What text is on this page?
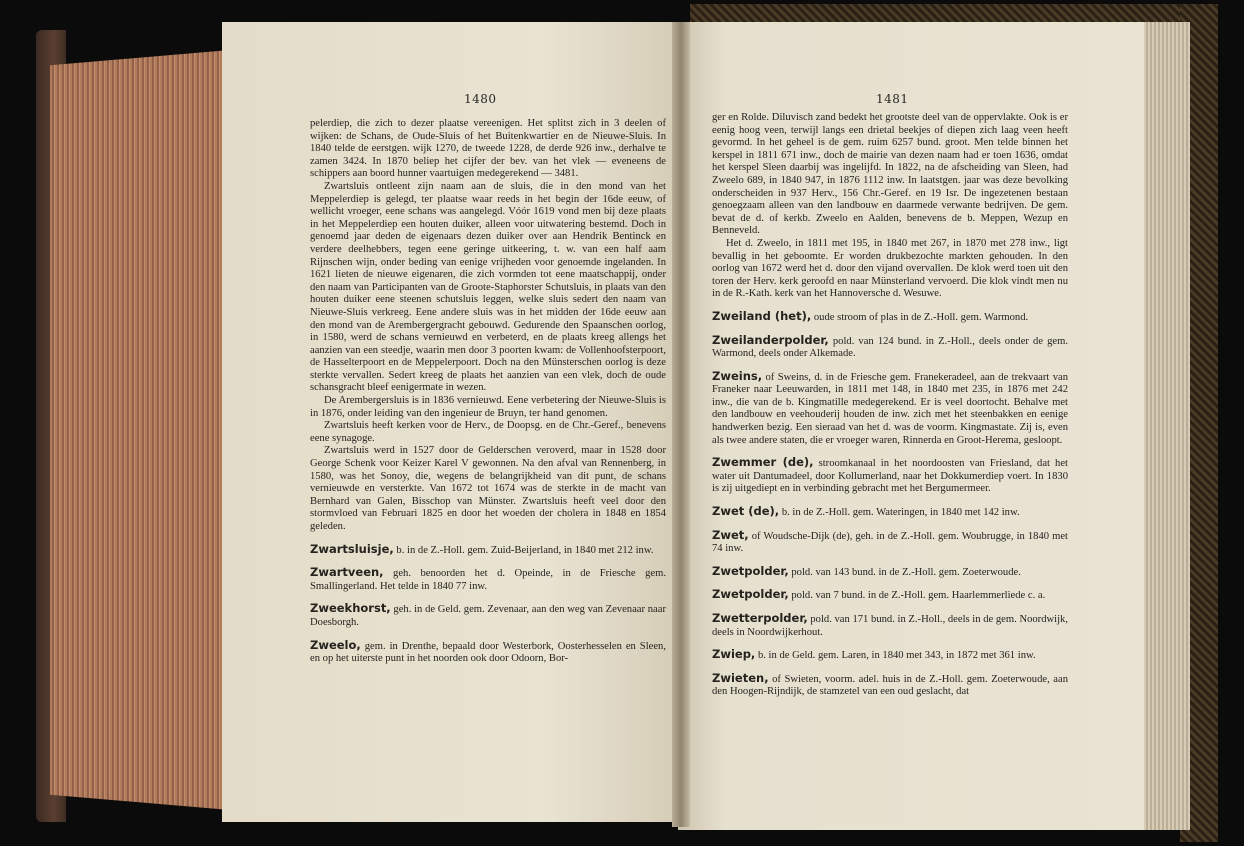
1480	1481

pelerdiep, die zich to dezer plaatse vereenigen. Het splitst zich in 3 deelen of wijken: de Schans, de Oude-Sluis of het Buitenkwartier en de Nieuwe-Sluis. In 1840 telde de eerstgen. wijk 1270, de tweede 1228, de derde 926 inw., derhalve te zamen 3424. In 1870 beliep het cijfer der bev. van het vlek — eveneens de schippers aan boord hunner vaartuigen medegerekend — 3481.

Zwartsluis ontleent zijn naam aan de sluis, die in den mond van het Meppelerdiep is gelegd, ter plaatse waar reeds in het begin der 16de eeuw, of wellicht vroeger, eene schans was aangelegd. Vóór 1619 vond men bij deze plaats in het Meppelerdiep een houten duiker, alleen voor uitwatering bestemd. Doch in genoemd jaar deden de eigenaars dezen duiker over aan Hendrik Bentinck en verdere deelhebbers, tegen eene geringe uitkeering, t. w. van een half aam Rijnschen wijn, onder beding van eenige vrijheden voor genoemde ingelanden. In 1621 lieten de nieuwe eigenaren, die zich vormden tot eene maatschappij, onder den naam van Participanten van de Groote-Staphorster Schutsluis, in plaats van den houten duiker eene steenen schutsluis leggen, welke sluis sedert den naam van Nieuwe-Sluis verkreeg. Eene andere sluis was in het midden der 16de eeuw aan den mond van de Arembergergracht gebouwd. Gedurende den Spaanschen oorlog, in 1580, werd de schans vernieuwd en verbeterd, en de plaats kreeg allengs het aanzien van een steedje, waarin men door 3 poorten kwam: de Vollenhoofsterpoort, de Hasselterpoort en de Meppelerpoort. Doch na den Münsterschen oorlog is deze sterkte vervallen. Sedert kreeg de plaats het aanzien van een vlek, doch de oude schansgracht bleef eenigermate in wezen.

De Arembergersluis is in 1836 vernieuwd. Eene verbetering der Nieuwe-Sluis is in 1876, onder leiding van den ingenieur de Bruyn, ter hand genomen.

Zwartsluis heeft kerken voor de Herv., de Doopsg. en de Chr.-Geref., benevens eene synagoge.

Zwartsluis werd in 1527 door de Gelderschen veroverd, maar in 1528 door George Schenk voor Keizer Karel V gewonnen. Na den afval van Rennenberg, in 1580, was het Sonoy, die, wegens de belangrijkheid van dit punt, de schans vernieuwde en versterkte. Van 1672 tot 1674 was de sterkte in de macht van Bernhard van Galen, Bisschop van Münster. Zwartsluis heeft veel door den stormvloed van Februari 1825 en door het woeden der cholera in 1848 en 1854 geleden.

Zwartsluisje, b. in de Z.-Holl. gem. Zuid-Beijerland, in 1840 met 212 inw.

Zwartveen, geh. benoorden het d. Opeinde, in de Friesche gem. Smallingerland. Het telde in 1840 77 inw.

Zweekhorst, geh. in de Geld. gem. Zevenaar, aan den weg van Zevenaar naar Doesborgh.

Zweelo, gem. in Drenthe, bepaald door Westerbork, Oosterhesselen en Sleen, en op het uiterste punt in het noorden ook door Odoorn, Bor-

ger en Rolde. Diluvisch zand bedekt het grootste deel van de oppervlakte. Ook is er eenig hoog veen, terwijl langs een drietal beekjes of diepen zich laag veen heeft gevormd. In het geheel is de gem. ruim 6257 bund. groot. Men telde binnen het kerspel in 1811 671 inw., doch de mairie van dezen naam had er toen 1636, omdat het kerspel Sleen daarbij was ingelijfd. In 1822, na de afscheiding van Sleen, had Zweelo 689, in 1840 947, in 1876 1112 inw. In laatstgen. jaar was deze bevolking onderscheiden in 937 Herv., 156 Chr.-Geref. en 19 Isr. De ingezetenen bestaan genoegzaam alleen van den landbouw en daarmede verwante bedrijven. De gem. bevat de d. of kerkb. Zweelo en Aalden, benevens de b. Meppen, Wezup en Benneveld.

Het d. Zweelo, in 1811 met 195, in 1840 met 267, in 1870 met 278 inw., ligt bevallig in het geboomte. Er worden drukbezochte markten gehouden. In den oorlog van 1672 werd het d. door den vijand overvallen. De klok werd toen uit den toren der Herv. kerk geroofd en naar Münsterland vervoerd. Die klok vindt men nu in de R.-Kath. kerk van het Hannoversche d. Wesuwe.

Zweiland (het), oude stroom of plas in de Z.-Holl. gem. Warmond.

Zweilanderpolder, pold. van 124 bund. in Z.-Holl., deels onder de gem. Warmond, deels onder Alkemade.

Zweins, of Sweins, d. in de Friesche gem. Franekeradeel, aan de trekvaart van Franeker naar Leeuwarden, in 1811 met 148, in 1840 met 235, in 1876 met 242 inw., die van de b. Kingmatille medegerekend. Er is veel doortocht. Behalve met den landbouw en veehouderij houden de inw. zich met het steenbakken en eenige handwerken bezig. Een sieraad van het d. was de voorm. Kingmastate. Zij is, even als twee andere staten, die er vroeger waren, Rinnerda en Groot-Herema, gesloopt.

Zwemmer (de), stroomkanaal in het noordoosten van Friesland, dat het water uit Dantumadeel, door Kollumerland, naar het Dokkumerdiep voert. In 1830 is zij uitgediept en in verbinding gebracht met het Bergumermeer.

Zwet (de), b. in de Z.-Holl. gem. Wateringen, in 1840 met 142 inw.

Zwet, of Woudsche-Dijk (de), geh. in de Z.-Holl. gem. Woubrugge, in 1840 met 74 inw.

Zwetpolder, pold. van 143 bund. in de Z.-Holl. gem. Zoeterwoude.

Zwetpolder, pold. van 7 bund. in de Z.-Holl. gem. Haarlemmerliede c. a.

Zwetterpolder, pold. van 171 bund. in Z.-Holl., deels in de gem. Noordwijk, deels in Noordwijkerhout.

Zwiep, b. in de Geld. gem. Laren, in 1840 met 343, in 1872 met 361 inw.

Zwieten, of Swieten, voorm. adel. huis in de Z.-Holl. gem. Zoeterwoude, aan den Hoogen-Rijndijk, de stamzetel van een oud geslacht, dat
